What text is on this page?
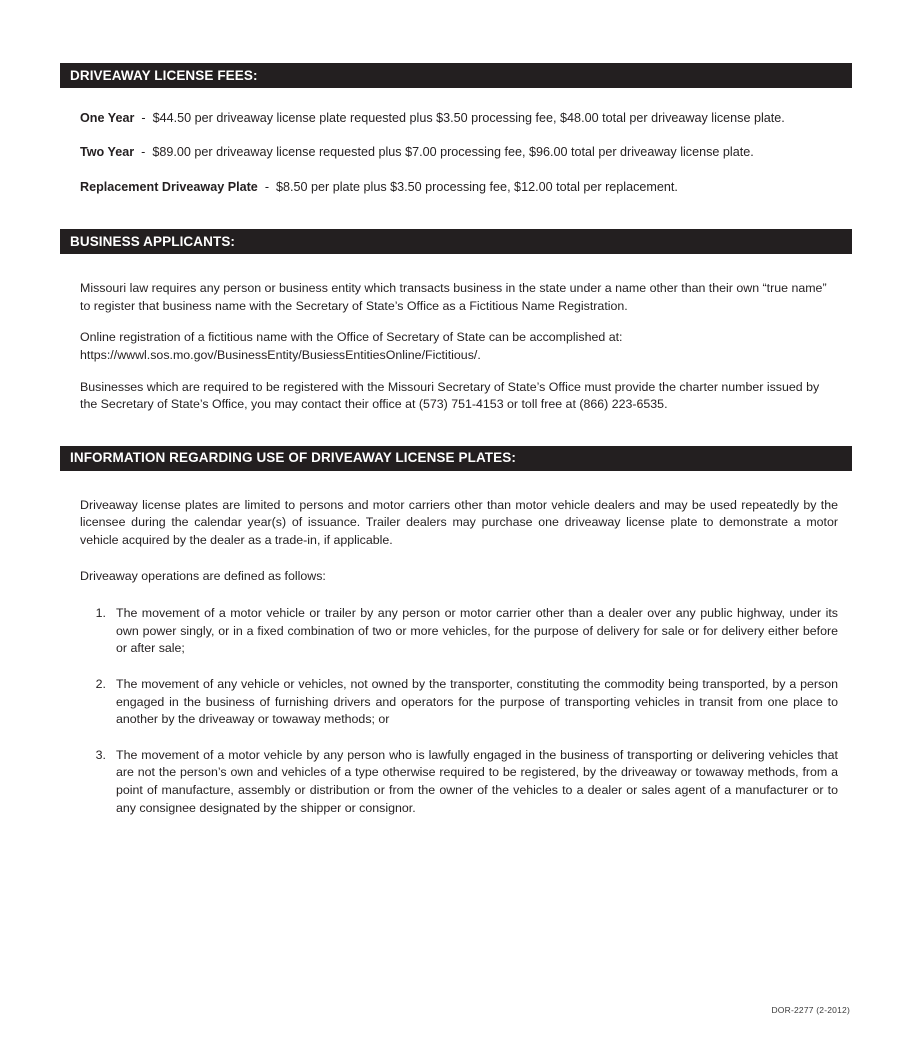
DRIVEAWAY LICENSE FEES:
One Year - $44.50 per driveaway license plate requested plus $3.50 processing fee, $48.00 total per driveaway license plate.
Two Year - $89.00 per driveaway license requested plus $7.00 processing fee, $96.00 total per driveaway license plate.
Replacement Driveaway Plate - $8.50 per plate plus $3.50 processing fee, $12.00 total per replacement.
BUSINESS APPLICANTS:

Missouri law requires any person or business entity which transacts business in the state under a name other than their own “true name” to register that business name with the Secretary of State’s Office as a Fictitious Name Registration.

Online registration of a fictitious name with the Office of Secretary of State can be accomplished at:
https://wwwl.sos.mo.gov/BusinessEntity/BusiessEntitiesOnline/Fictitious/.

Businesses which are required to be registered with the Missouri Secretary of State’s Office must provide the charter number issued by the Secretary of State’s Office, you may contact their office at (573) 751-4153 or toll free at (866) 223-6535.

INFORMATION REGARDING USE OF DRIVEAWAY LICENSE PLATES:

Driveaway license plates are limited to persons and motor carriers other than motor vehicle dealers and may be used repeatedly by the licensee during the calendar year(s) of issuance. Trailer dealers may purchase one driveaway license plate to demonstrate a motor vehicle acquired by the dealer as a trade-in, if applicable.

Driveaway operations are defined as follows:

1. The movement of a motor vehicle or trailer by any person or motor carrier other than a dealer over any public highway, under its own power singly, or in a fixed combination of two or more vehicles, for the purpose of delivery for sale or for delivery either before or after sale;
2. The movement of any vehicle or vehicles, not owned by the transporter, constituting the commodity being transported, by a person engaged in the business of furnishing drivers and operators for the purpose of transporting vehicles in transit from one place to another by the driveaway or towaway methods; or
3. The movement of a motor vehicle by any person who is lawfully engaged in the business of transporting or delivering vehicles that are not the person’s own and vehicles of a type otherwise required to be registered, by the driveaway or towaway methods, from a point of manufacture, assembly or distribution or from the owner of the vehicles to a dealer or sales agent of a manufacturer or to any consignee designated by the shipper or consignor.
DOR-2277 (2-2012)
